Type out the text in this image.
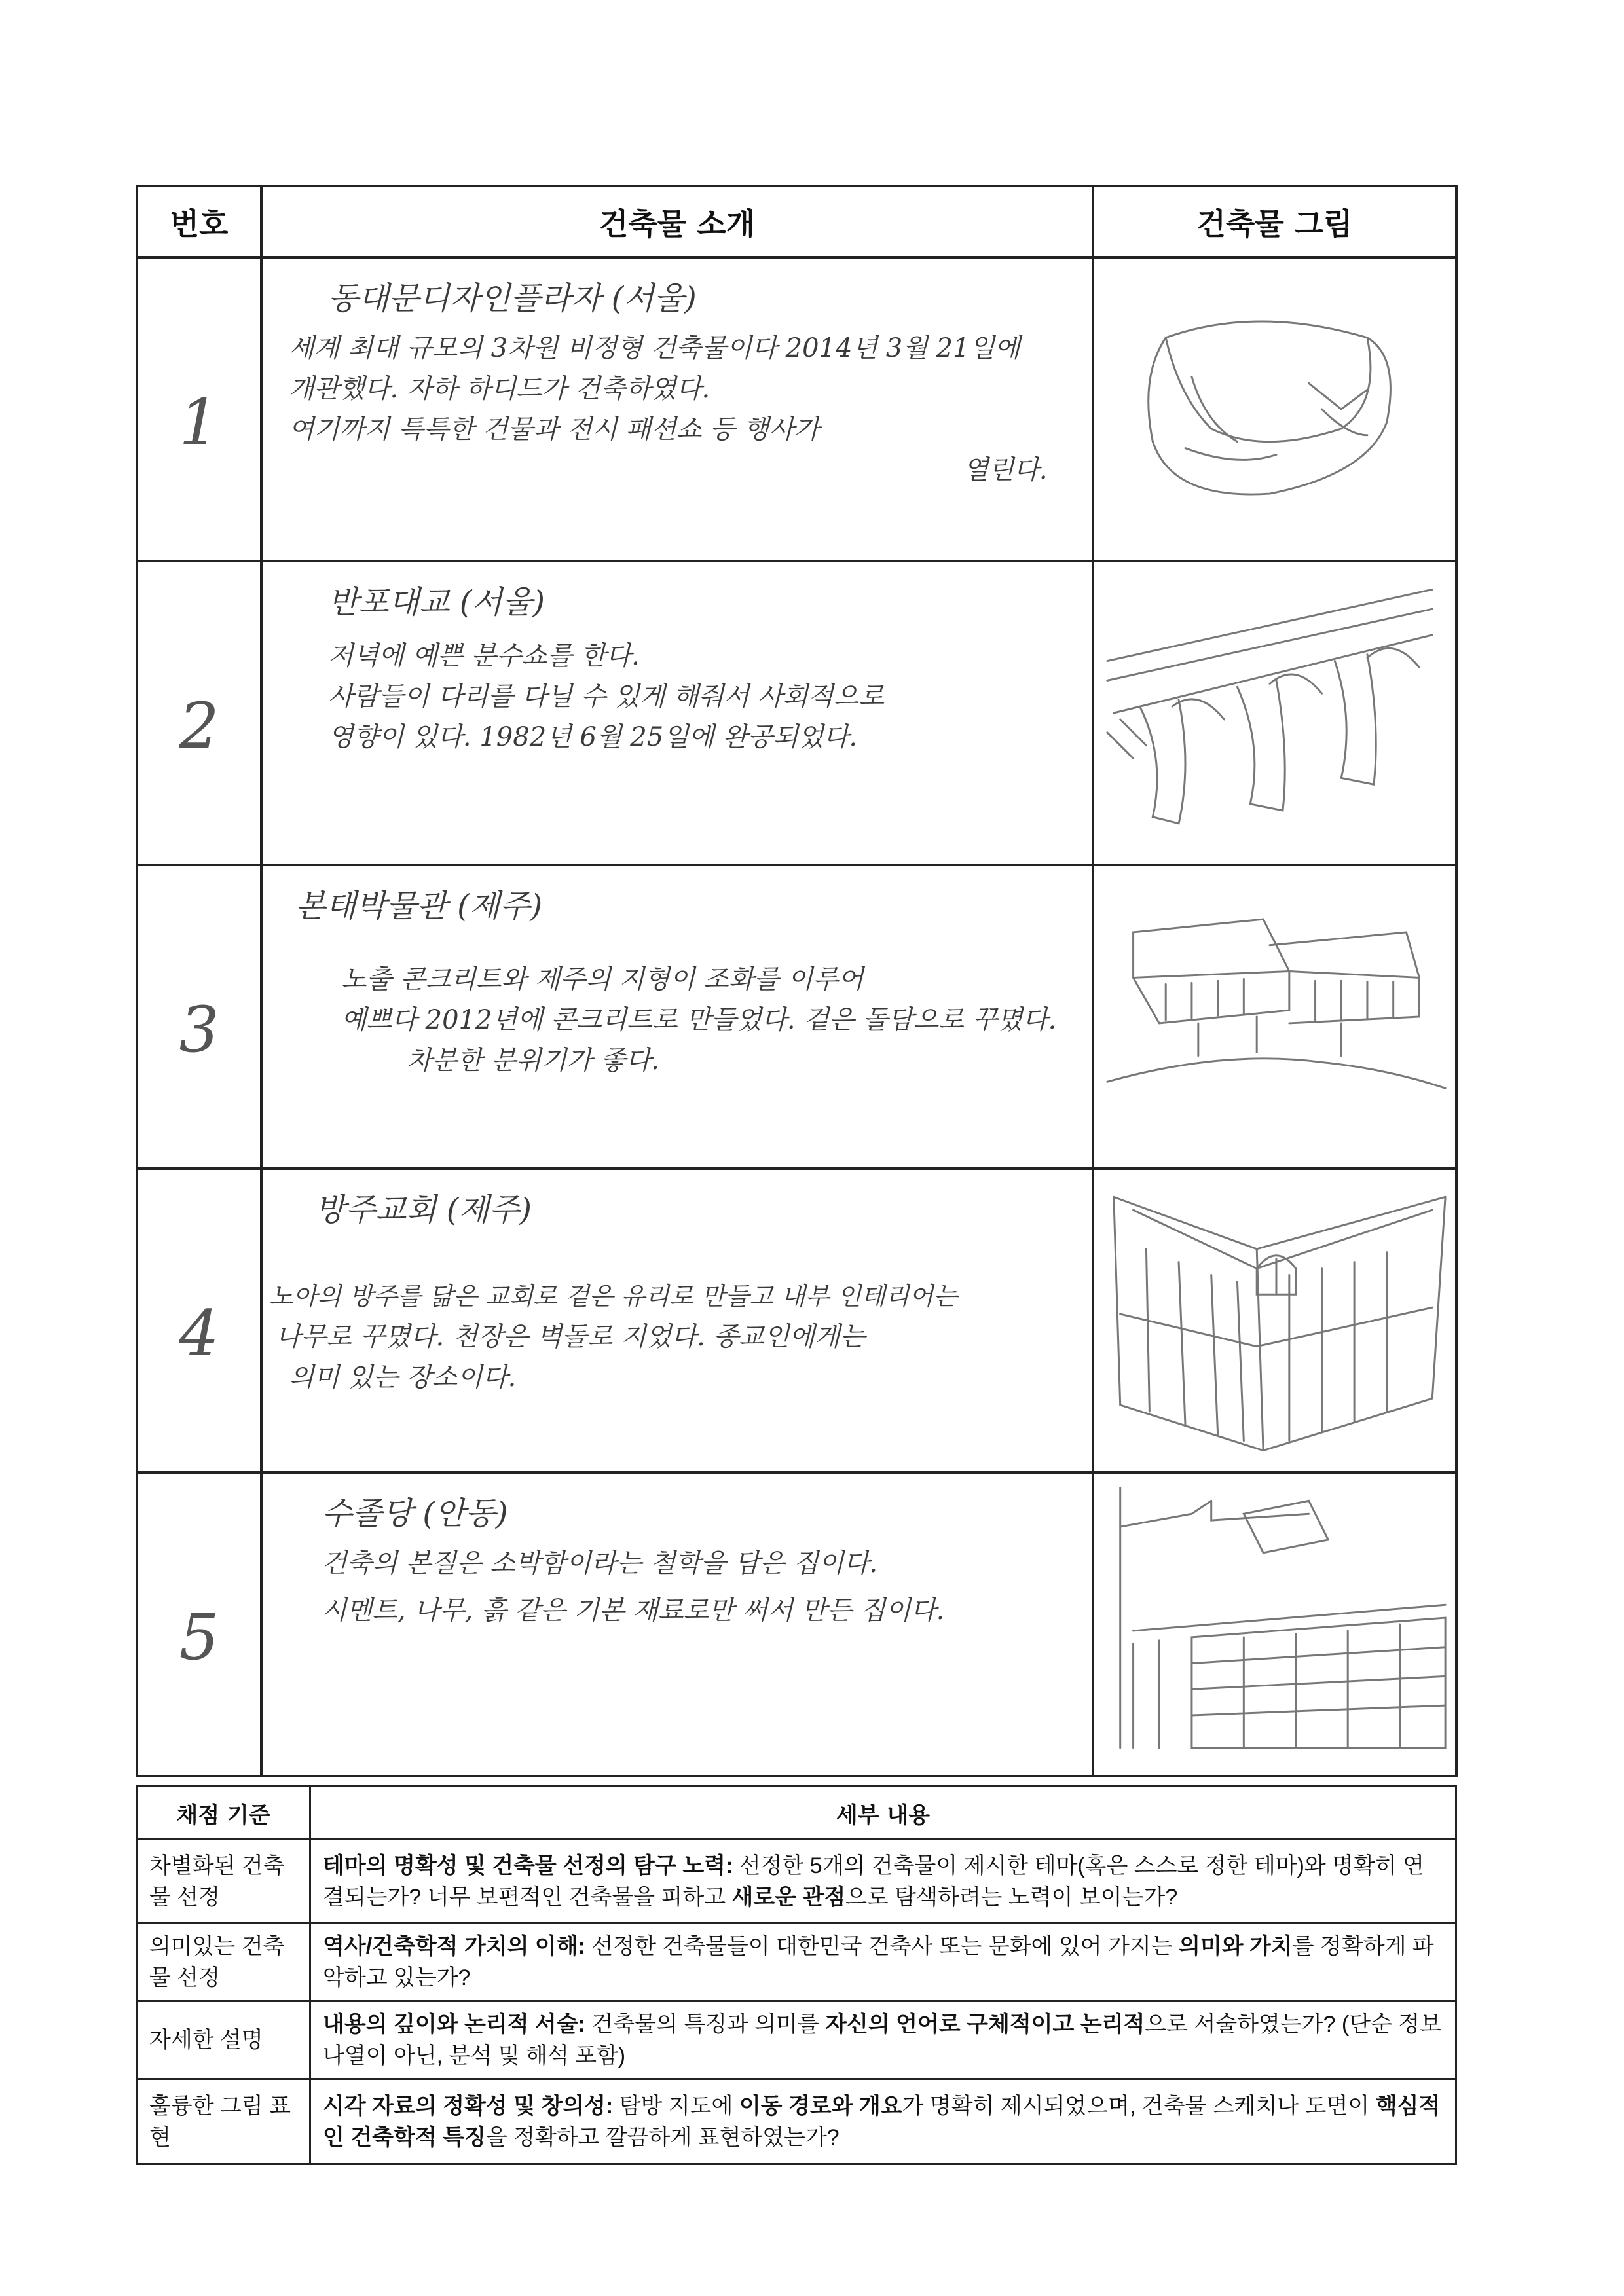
번호	건축물 소개	건축물 그림
1	동대문디자인플라자 (서울)
세계 최대 규모의 3차원 비정형 건축물이다 2014년 3월 21일에
개관했다. 자하 하디드가 건축하였다.
여기까지 특특한 건물과 전시 패션쇼 등 행사가
열린다.

2	반포대교 (서울)
저녁에 예쁜 분수쇼를 한다.
사람들이 다리를 다닐 수 있게 해줘서 사회적으로
영향이 있다. 1982년 6월 25일에 완공되었다.

3	본태박물관 (제주)
노출 콘크리트와 제주의 지형이 조화를 이루어
예쁘다 2012년에 콘크리트로 만들었다. 겉은 돌담으로 꾸몄다.
차분한 분위기가 좋다.

4	방주교회 (제주)
노아의 방주를 닮은 교회로 겉은 유리로 만들고 내부 인테리어는
나무로 꾸몄다. 천장은 벽돌로 지었다. 종교인에게는
의미 있는 장소이다.

5	수졸당 (안동)
건축의 본질은 소박함이라는 철학을 담은 집이다.
시멘트, 나무, 흙 같은 기본 재료로만 써서 만든 집이다.

채점 기준	세부 내용
차별화된 건축물 선정	테마의 명확성 및 건축물 선정의 탐구 노력: 선정한 5개의 건축물이 제시한 테마(혹은 스스로 정한 테마)와 명확히 연결되는가? 너무 보편적인 건축물을 피하고 새로운 관점으로 탐색하려는 노력이 보이는가?
의미있는 건축물 선정	역사/건축학적 가치의 이해: 선정한 건축물들이 대한민국 건축사 또는 문화에 있어 가지는 의미와 가치를 정확하게 파악하고 있는가?
자세한 설명	내용의 깊이와 논리적 서술: 건축물의 특징과 의미를 자신의 언어로 구체적이고 논리적으로 서술하였는가? (단순 정보 나열이 아닌, 분석 및 해석 포함)
훌륭한 그림 표현	시각 자료의 정확성 및 창의성: 탐방 지도에 이동 경로와 개요가 명확히 제시되었으며, 건축물 스케치나 도면이 핵심적인 건축학적 특징을 정확하고 깔끔하게 표현하였는가?
